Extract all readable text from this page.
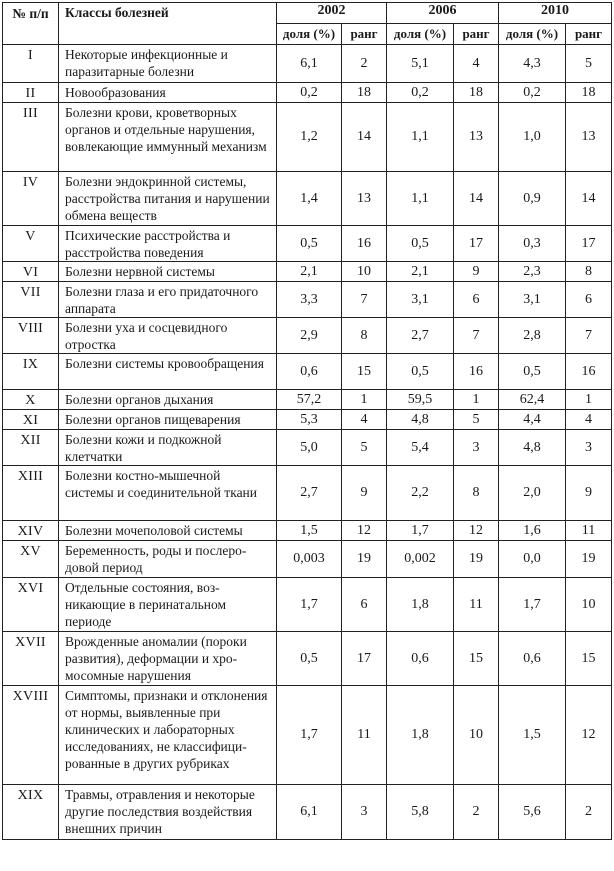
№ п/п	Классы болезней	2002		2006		2010	
		доля (%)	ранг	доля (%)	ранг	доля (%)	ранг
I	Некоторые инфекционные и паразитарные болезни	6,1	2	5,1	4	4,3	5
II	Новообразования	0,2	18	0,2	18	0,2	18
III	Болезни крови, кроветворных органов и отдельные нарушения, вовлекающие иммунный механизм	1,2	14	1,1	13	1,0	13
IV	Болезни эндокринной системы, расстройства питания и нарушении обмена веществ	1,4	13	1,1	14	0,9	14
V	Психические расстройства и расстройства поведения	0,5	16	0,5	17	0,3	17
VI	Болезни нервной системы	2,1	10	2,1	9	2,3	8
VII	Болезни глаза и его придаточного аппарата	3,3	7	3,1	6	3,1	6
VIII	Болезни уха и сосцевидного отростка	2,9	8	2,7	7	2,8	7
IX	Болезни системы кровообращения	0,6	15	0,5	16	0,5	16
X	Болезни органов дыхания	57,2	1	59,5	1	62,4	1
XI	Болезни органов пищеварения	5,3	4	4,8	5	4,4	4
XII	Болезни кожи и подкожной клетчатки	5,0	5	5,4	3	4,8	3
XIII	Болезни костно-мышечной системы и соединительной ткани	2,7	9	2,2	8	2,0	9
XIV	Болезни мочеполовой системы	1,5	12	1,7	12	1,6	11
XV	Беременность, роды и послеродовой период	0,003	19	0,002	19	0,0	19
XVI	Отдельные состояния, возникающие в перинатальном периоде	1,7	6	1,8	11	1,7	10
XVII	Врожденные аномалии (пороки развития), деформации и хромосомные нарушения	0,5	17	0,6	15	0,6	15
XVIII	Симптомы, признаки и отклонения от нормы, выявленные при клинических и лабораторных исследованиях, не классифицированные в других рубриках	1,7	11	1,8	10	1,5	12
XIX	Травмы, отравления и некоторые другие последствия воздействия внешних причин	6,1	3	5,8	2	5,6	2
